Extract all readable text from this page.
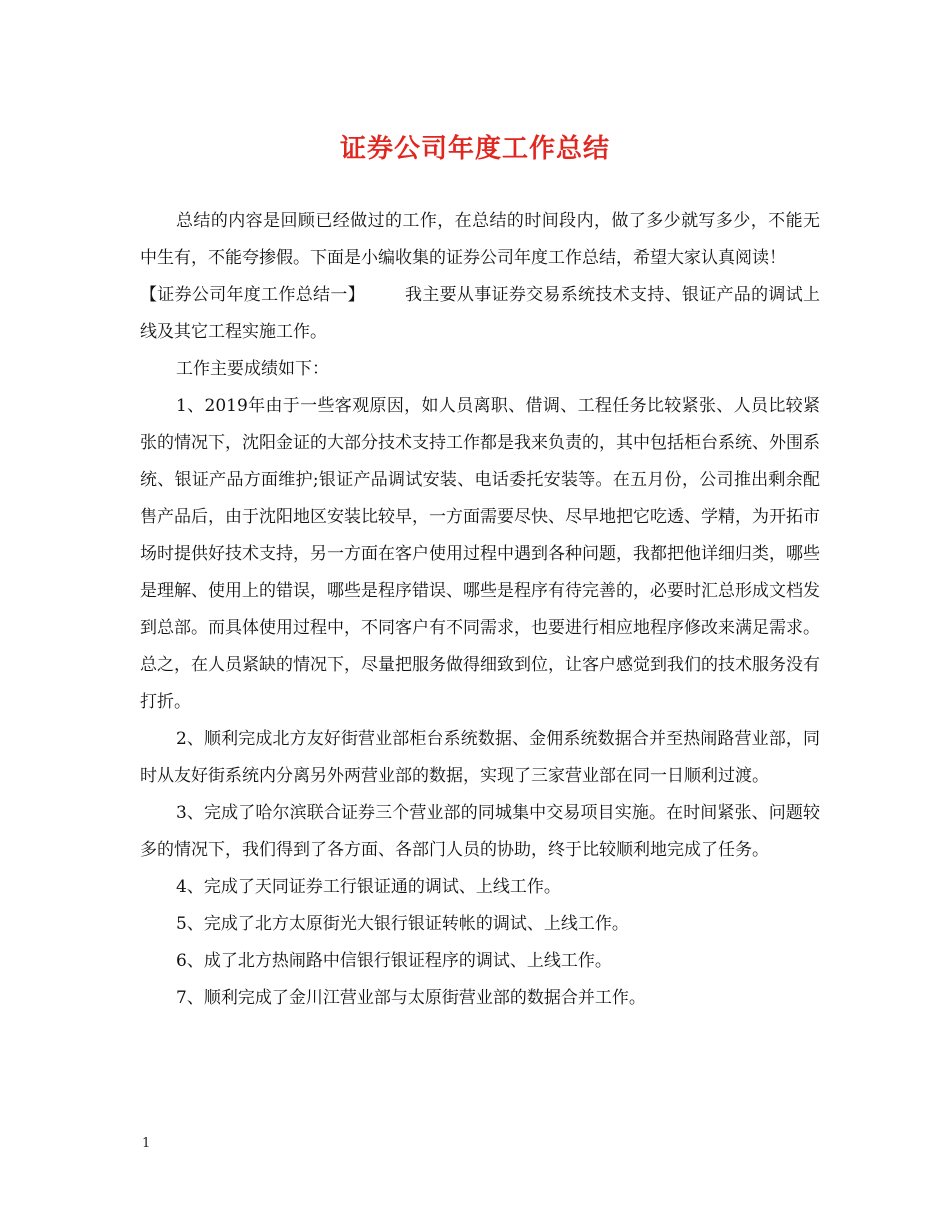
证券公司年度工作总结

总结的内容是回顾已经做过的工作，在总结的时间段内，做了多少就写多少，不能无中生有，不能夸掺假。下面是小编收集的证券公司年度工作总结，希望大家认真阅读！

【证券公司年度工作总结一】 我主要从事证券交易系统技术支持、银证产品的调试上线及其它工程实施工作。

工作主要成绩如下：

1、2019年由于一些客观原因，如人员离职、借调、工程任务比较紧张、人员比较紧张的情况下，沈阳金证的大部分技术支持工作都是我来负责的，其中包括柜台系统、外围系统、银证产品方面维护;银证产品调试安装、电话委托安装等。在五月份，公司推出剩余配售产品后，由于沈阳地区安装比较早，一方面需要尽快、尽早地把它吃透、学精，为开拓市场时提供好技术支持，另一方面在客户使用过程中遇到各种问题，我都把他详细归类，哪些是理解、使用上的错误，哪些是程序错误、哪些是程序有待完善的，必要时汇总形成文档发到总部。而具体使用过程中，不同客户有不同需求，也要进行相应地程序修改来满足需求。总之，在人员紧缺的情况下，尽量把服务做得细致到位，让客户感觉到我们的技术服务没有打折。

2、顺利完成北方友好街营业部柜台系统数据、金佣系统数据合并至热闹路营业部，同时从友好街系统内分离另外两营业部的数据，实现了三家营业部在同一日顺利过渡。

3、完成了哈尔滨联合证券三个营业部的同城集中交易项目实施。在时间紧张、问题较多的情况下，我们得到了各方面、各部门人员的协助，终于比较顺利地完成了任务。

4、完成了天同证券工行银证通的调试、上线工作。

5、完成了北方太原街光大银行银证转帐的调试、上线工作。

6、成了北方热闹路中信银行银证程序的调试、上线工作。

7、顺利完成了金川江营业部与太原街营业部的数据合并工作。

1
